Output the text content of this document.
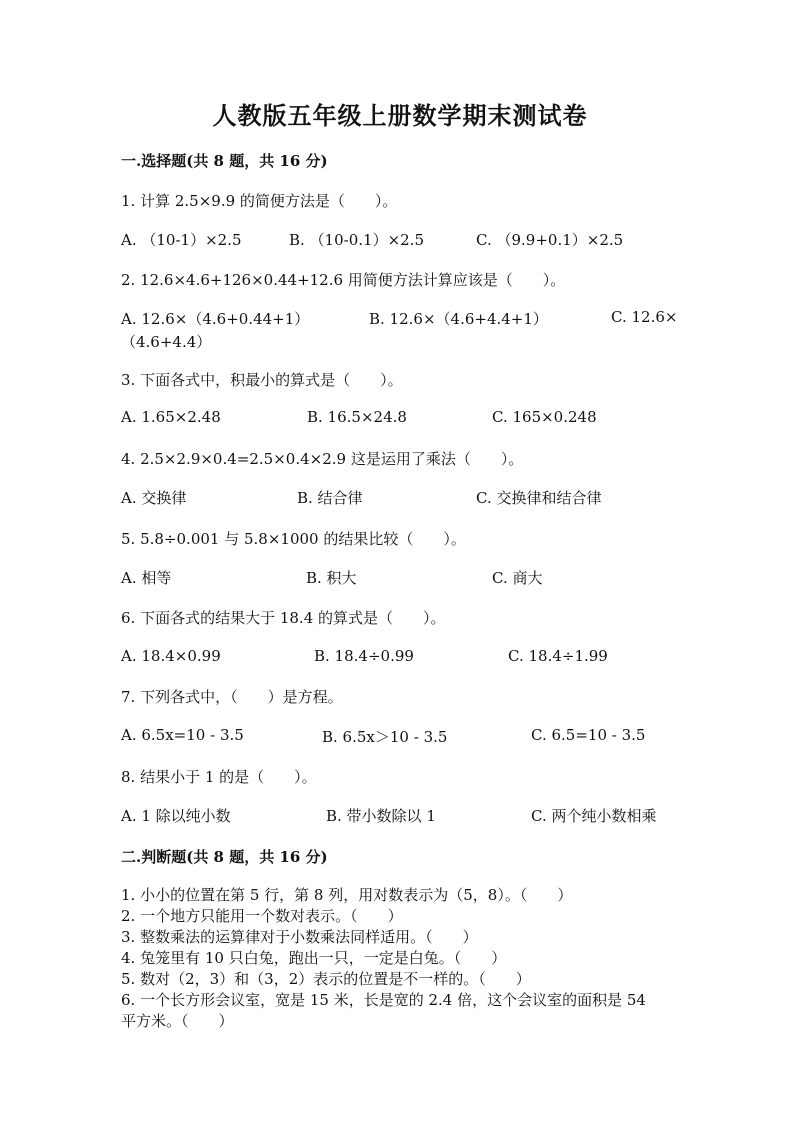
人教版五年级上册数学期末测试卷
一.选择题(共 8 题，共 16 分)
1. 计算 2.5×9.9 的简便方法是（　　）。
A. （10-1）×2.5	B. （10-0.1）×2.5	C. （9.9+0.1）×2.5
2. 12.6×4.6+126×0.44+12.6 用简便方法计算应该是（　　）。
A. 12.6×（4.6+0.44+1）	B. 12.6×（4.6+4.4+1）	C. 12.6×
（4.6+4.4）
3. 下面各式中，积最小的算式是（　　）。
A. 1.65×2.48	B. 16.5×24.8	C. 165×0.248
4. 2.5×2.9×0.4=2.5×0.4×2.9 这是运用了乘法（　　）。
A. 交换律	B. 结合律	C. 交换律和结合律
5. 5.8÷0.001 与 5.8×1000 的结果比较（　　）。
A. 相等	B. 积大	C. 商大
6. 下面各式的结果大于 18.4 的算式是（　　）。
A. 18.4×0.99	B. 18.4÷0.99	C. 18.4÷1.99
7. 下列各式中，（　　）是方程。
A. 6.5x=10 - 3.5	B. 6.5x＞10 - 3.5	C. 6.5=10 - 3.5
8. 结果小于 1 的是（　　）。
A. 1 除以纯小数	B. 带小数除以 1	C. 两个纯小数相乘
二.判断题(共 8 题，共 16 分)
1. 小小的位置在第 5 行，第 8 列，用对数表示为（5，8）。（　　）
2. 一个地方只能用一个数对表示。（　　）
3. 整数乘法的运算律对于小数乘法同样适用。（　　）
4. 兔笼里有 10 只白兔，跑出一只，一定是白兔。（　　）
5. 数对（2，3）和（3，2）表示的位置是不一样的。（　　）
6. 一个长方形会议室，宽是 15 米，长是宽的 2.4 倍，这个会议室的面积是 54
平方米。（　　）
